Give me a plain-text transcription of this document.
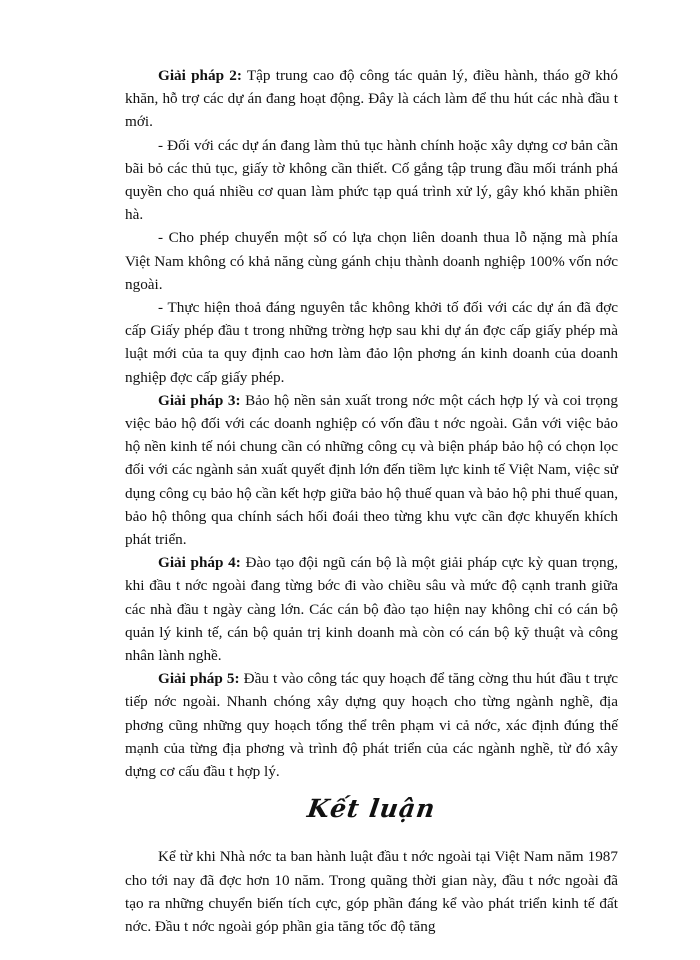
Giải pháp 2: Tập trung cao độ công tác quản lý, điều hành, tháo gỡ khó khăn, hỗ trợ các dự án đang hoạt động. Đây là cách làm để thu hút các nhà đầu t mới.

- Đối với các dự án đang làm thủ tục hành chính hoặc xây dựng cơ bản cần bãi bỏ các thủ tục, giấy tờ không cần thiết. Cố gắng tập trung đầu mối tránh phá quyền cho quá nhiều cơ quan làm phức tạp quá trình xử lý, gây khó khăn phiền hà.

- Cho phép chuyển một số có lựa chọn liên doanh thua lỗ nặng mà phía Việt Nam không có khả năng cùng gánh chịu thành doanh nghiệp 100% vốn nớc ngoài.

- Thực hiện thoả đáng nguyên tắc không khởi tố đối với các dự án đã đợc cấp Giấy phép đầu t trong những trờng hợp sau khi dự án đợc cấp giấy phép mà luật mới của ta quy định cao hơn làm đảo lộn phơng án kinh doanh của doanh nghiệp đợc cấp giấy phép.

Giải pháp 3: Bảo hộ nền sản xuất trong nớc một cách hợp lý và coi trọng việc bảo hộ đối với các doanh nghiệp có vốn đầu t nớc ngoài. Gắn với việc bảo hộ nền kinh tế nói chung cần có những công cụ và biện pháp bảo hộ có chọn lọc đối với các ngành sản xuất quyết định lớn đến tiềm lực kinh tế Việt Nam, việc sử dụng công cụ bảo hộ cần kết hợp giữa bảo hộ thuế quan và bảo hộ phi thuế quan, bảo hộ thông qua chính sách hối đoái theo từng khu vực cần đợc khuyến khích phát triển.

Giải pháp 4: Đào tạo đội ngũ cán bộ là một giải pháp cực kỳ quan trọng, khi đầu t nớc ngoài đang từng bớc đi vào chiều sâu và mức độ cạnh tranh giữa các nhà đầu t ngày càng lớn. Các cán bộ đào tạo hiện nay không chỉ có cán bộ quản lý kinh tế, cán bộ quản trị kinh doanh mà còn có cán bộ kỹ thuật và công nhân lành nghề.

Giải pháp 5: Đầu t vào công tác quy hoạch để tăng cờng thu hút đầu t trực tiếp nớc ngoài. Nhanh chóng xây dựng quy hoạch cho từng ngành nghề, địa phơng cũng những quy hoạch tổng thể trên phạm vi cả nớc, xác định đúng thế mạnh của từng địa phơng và trình độ phát triển của các ngành nghề, từ đó xây dựng cơ cấu đầu t hợp lý.

Kết luận

Kể từ khi Nhà nớc ta ban hành luật đầu t nớc ngoài tại Việt Nam năm 1987 cho tới nay đã đợc hơn 10 năm. Trong quãng thời gian này, đầu t nớc ngoài đã tạo ra những chuyển biến tích cực, góp phần đáng kể vào phát triển kinh tế đất nớc. Đầu t nớc ngoài góp phần gia tăng tốc độ tăng
